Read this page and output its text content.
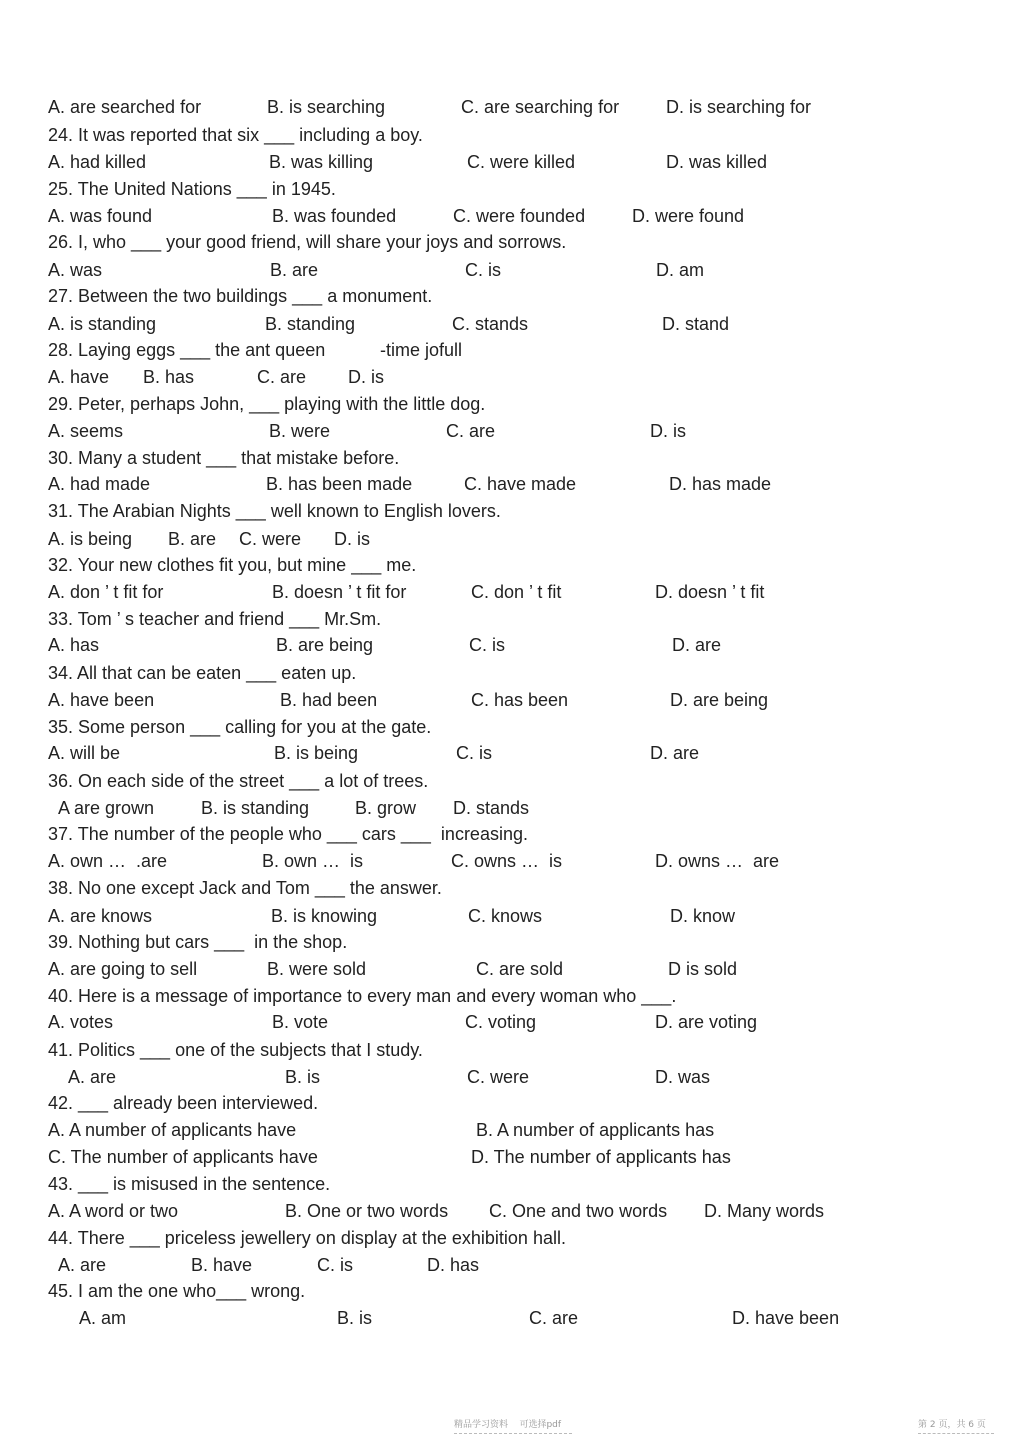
A. are searched for	B. is searching	C. are searching for	D. is searching for
24. It was reported that six ___ including a boy.
A. had killed	B. was killing	C. were killed	D. was killed
25. The United Nations ___ in 1945.
A. was found	B. was founded	C. were founded	D. were found
26. I, who ___ your good friend, will share your joys and sorrows.
A. was	B. are	C. is	D. am
27. Between the two buildings ___ a monument.
A. is standing	B. standing	C. stands	D. stand
28. Laying eggs ___ the ant queen	-time jofull
A. have B. has	C. are D. is
29. Peter, perhaps John, ___ playing with the little dog.
A. seems	B. were	C. are	D. is
30. Many a student ___ that mistake before.
A. had made	B. has been made	C. have made	D. has made
31. The Arabian Nights ___ well known to English lovers.
A. is being B. are C. were D. is
32. Your new clothes fit you, but mine ___ me.
A. don ’ t fit for	B. doesn ’ t fit for	C. don ’ t fit	D. doesn ’ t fit
33. Tom ’ s teacher and friend ___ Mr.Sm.
A. has	B. are being	C. is	D. are
34. All that can be eaten ___ eaten up.
A. have been	B. had been	C. has been	D. are being
35. Some person ___ calling for you at the gate.
A. will be	B. is being	C. is	D. are
36. On each side of the street ___ a lot of trees.
A are grown	B. is standing	B. grow D. stands
37. The number of the people who ___ cars ___  increasing.
A. own …  .are	B. own …  is	C. owns …  is	D. owns …  are
38. No one except Jack and Tom ___ the answer.
A. are knows	B. is knowing	C. knows	D. know
39. Nothing but cars ___  in the shop.
A. are going to sell	B. were sold	C. are sold	D is sold
40. Here is a message of importance to every man and every woman who ___.
A. votes	B. vote	C. voting	D. are voting
41. Politics ___ one of the subjects that I study.
A. are	B. is	C. were	D. was
42. ___ already been interviewed.
A. A number of applicants have	B. A number of applicants has
C. The number of applicants have	D. The number of applicants has
43. ___ is misused in the sentence.
A. A word or two	B. One or two words C. One and two words D. Many words
44. There ___ priceless jewellery on display at the exhibition hall.
A. are	B. have	C. is	D. has
45. I am the one who___ wrong.
A. am	B. is	C. are	D. have been
精品学习资料    可选择pdf	第 2 页，共 6 页
